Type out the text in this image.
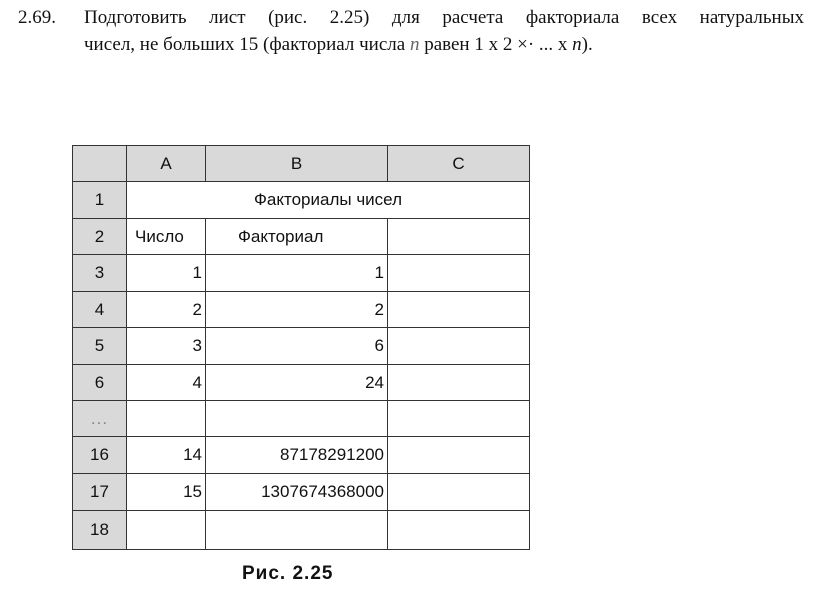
2.69.	Подготовить лист (рис. 2.25) для расчета факториала всех натуральных
чисел, не больших 15 (факториал числа n равен 1 х 2 ×· ... х n).
A	B	C
1	Факториалы чисел
2	Число	Факториал
3	1	1
4	2	2
5	3	6
6	4	24
...
16	14	87178291200
17	15	1307674368000
18
Рис. 2.25
